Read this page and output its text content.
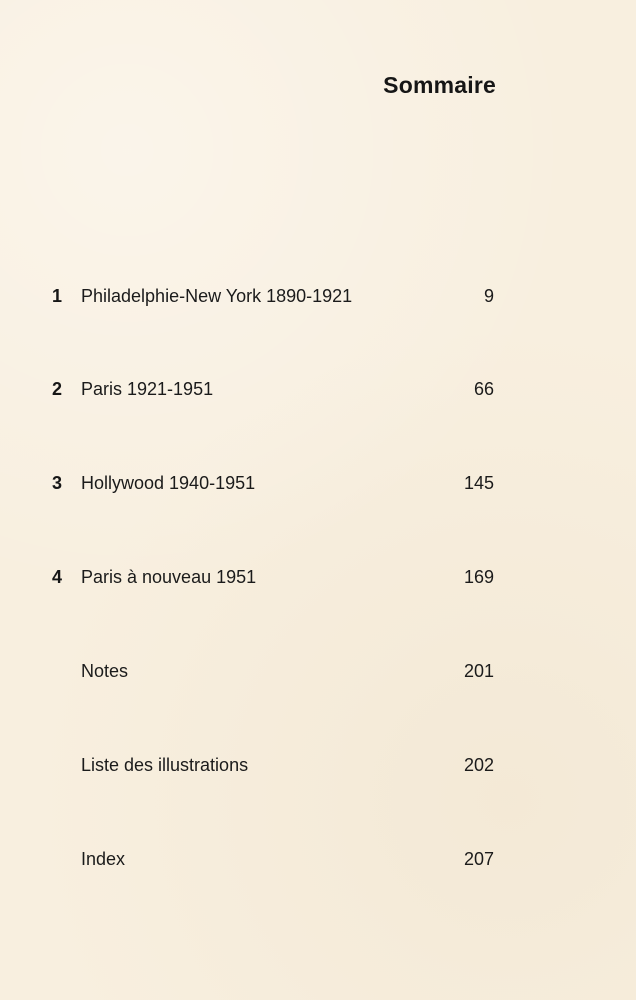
Sommaire
1	Philadelphie-New York 1890-1921	9
2	Paris 1921-1951	66
3	Hollywood 1940-1951	145
4	Paris à nouveau 1951	169
Notes	201
Liste des illustrations	202
Index	207
